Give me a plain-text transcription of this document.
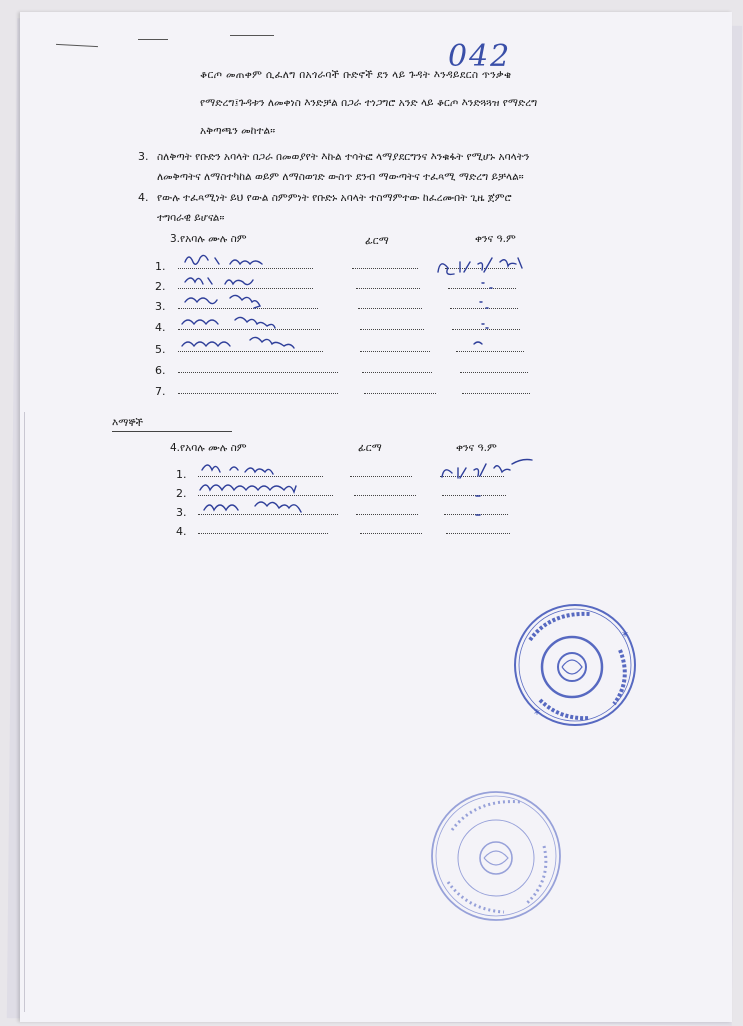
042
ቆርጦ መጠቀም ሲፈለግ በአጎራባች ቡድኖች ደን ላይ ጉዳት እንዳይደርስ ጥንቃቄ
የማድረግ፤ጉዳቱን ለመቀነስ እንድቻል በጋራ ተነጋግሮ አንድ ላይ ቆርጦ እንድጓጓዝ የማድረግ
አቅጣጫን መከተል።
3. ስለቅጣት የቡድን አባላት በጋራ በመወያየት እኩል ተሳትፎ ላማያደርግንና እንቁፋት የሚሆኑ አባላትን
ለመቅጣትና ለማስተካከል ወይም ለማስወገድ ውስጥ ደንብ ማውጣትና ተፈጻሚ ማድረግ ይቻላል።
4. የውሉ ተፈጻሚነት ይህ የውል ስምምነት የቡድኑ አባላት ተስማምተው ከፈረሙበት ጊዜ ጀምሮ
ተግባራዊ ይሆናል።
3.የአባሉ ሙሉ ስም	ፊርማ	ቀንና ዓ.ም
1.
2.
3.
4.
5.
6.
7.
እማኞች
4.የአባሉ ሙሉ ስም	ፊርማ	ቀንና ዓ.ም
1.
2.
3.
4.
*
*
